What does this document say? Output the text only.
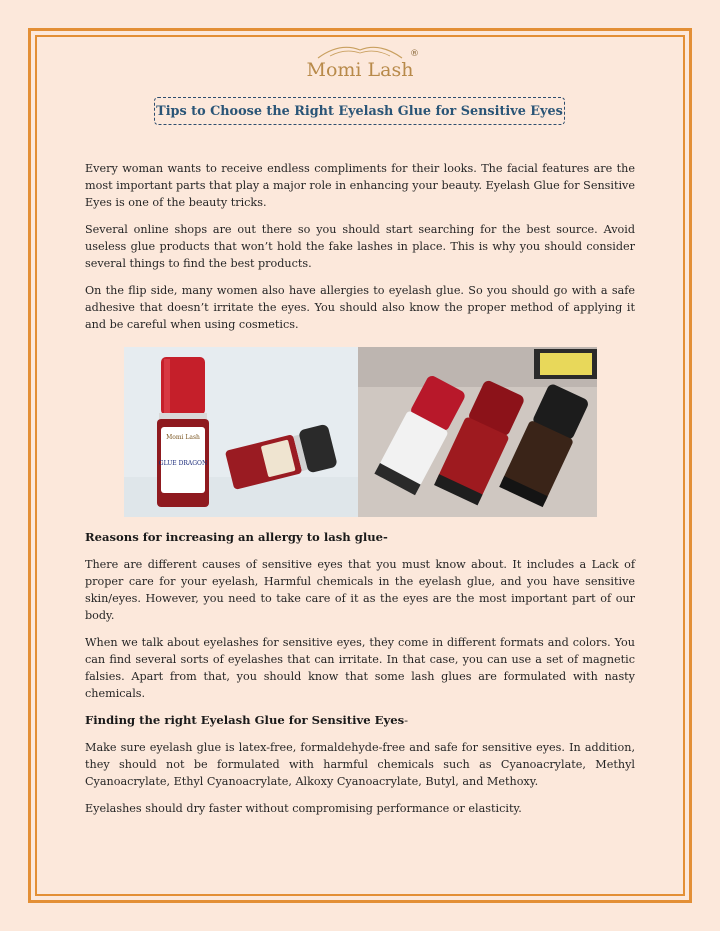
Momi Lash
®
Tips to Choose the Right Eyelash Glue for Sensitive Eyes

Every woman wants to receive endless compliments for their looks. The facial features are the most important parts that play a major role in enhancing your beauty. Eyelash Glue for Sensitive Eyes is one of the beauty tricks.

Several online shops are out there so you should start searching for the best source. Avoid useless glue products that won’t hold the fake lashes in place. This is why you should consider several things to find the best products.

On the flip side, many women also have allergies to eyelash glue. So you should go with a safe adhesive that doesn’t irritate the eyes. You should also know the proper method of applying it and be careful when using cosmetics.

Momi Lash
GLUE DRAGON

Reasons for increasing an allergy to lash glue-

There are different causes of sensitive eyes that you must know about. It includes a Lack of proper care for your eyelash, Harmful chemicals in the eyelash glue, and you have sensitive skin/eyes. However, you need to take care of it as the eyes are the most important part of our body.

When we talk about eyelashes for sensitive eyes, they come in different formats and colors. You can find several sorts of eyelashes that can irritate. In that case, you can use a set of magnetic falsies. Apart from that, you should know that some lash glues are formulated with nasty chemicals.

Finding the right Eyelash Glue for Sensitive Eyes-

Make sure eyelash glue is latex-free, formaldehyde-free and safe for sensitive eyes. In addition, they should not be formulated with harmful chemicals such as Cyanoacrylate, Methyl Cyanoacrylate, Ethyl Cyanoacrylate, Alkoxy Cyanoacrylate, Butyl, and Methoxy.

Eyelashes should dry faster without compromising performance or elasticity.
